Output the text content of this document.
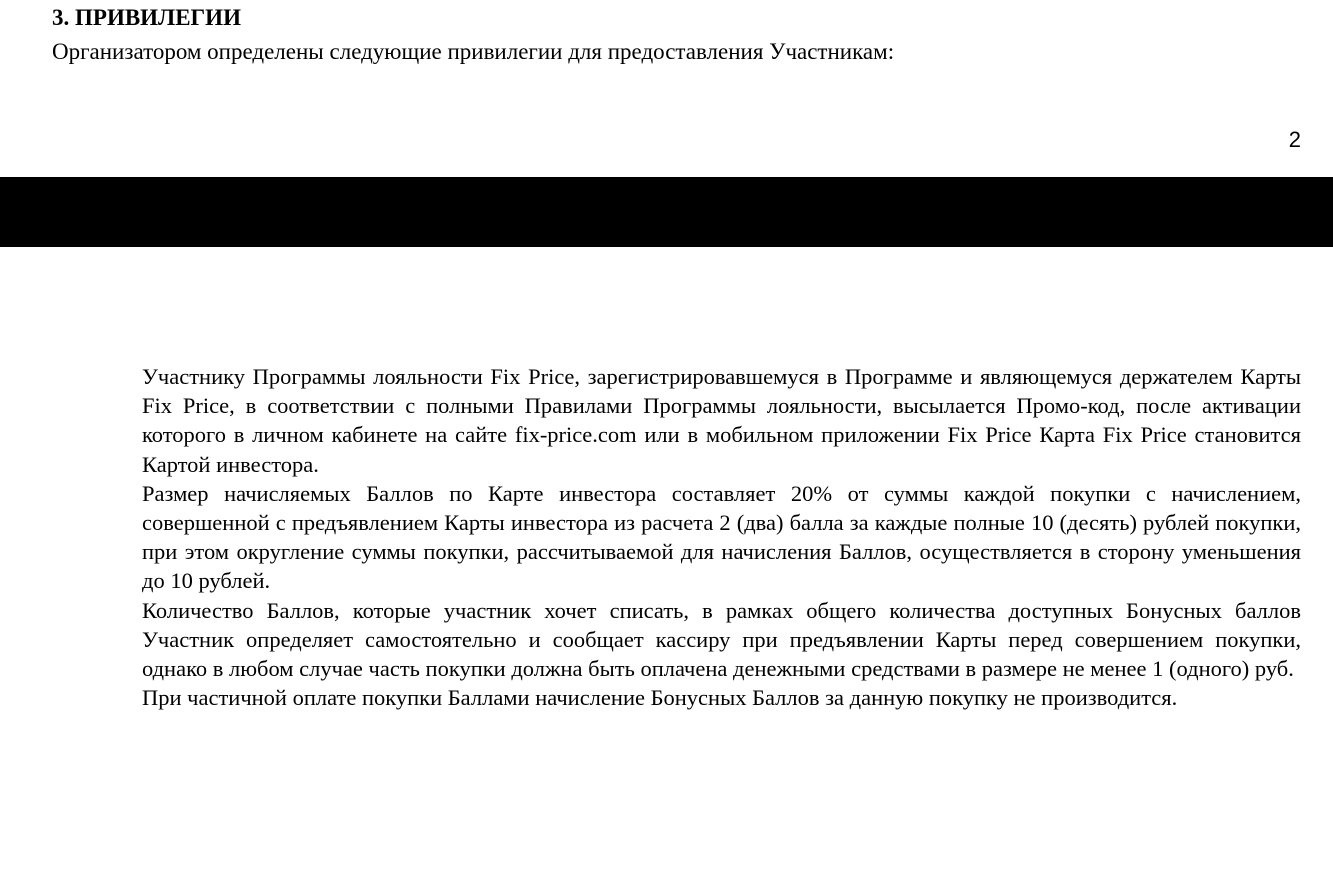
3. ПРИВИЛЕГИИ
Организатором определены следующие привилегии для предоставления Участникам:
2

Участнику Программы лояльности Fix Price, зарегистрировавшемуся в Программе и являющемуся держателем Карты Fix Price, в соответствии с полными Правилами Программы лояльности, высылается Промо-код, после активации которого в личном кабинете на сайте fix-price.com или в мобильном приложении Fix Price Карта Fix Price становится Картой инвестора.

Размер начисляемых Баллов по Карте инвестора составляет 20% от суммы каждой покупки с начислением, совершенной с предъявлением Карты инвестора из расчета 2 (два) балла за каждые полные 10 (десять) рублей покупки, при этом округление суммы покупки, рассчитываемой для начисления Баллов, осуществляется в сторону уменьшения до 10 рублей.

Количество Баллов, которые участник хочет списать, в рамках общего количества доступных Бонусных баллов Участник определяет самостоятельно и сообщает кассиру при предъявлении Карты перед совершением покупки, однако в любом случае часть покупки должна быть оплачена денежными средствами в размере не менее 1 (одного) руб.

При частичной оплате покупки Баллами начисление Бонусных Баллов за данную покупку не производится.
